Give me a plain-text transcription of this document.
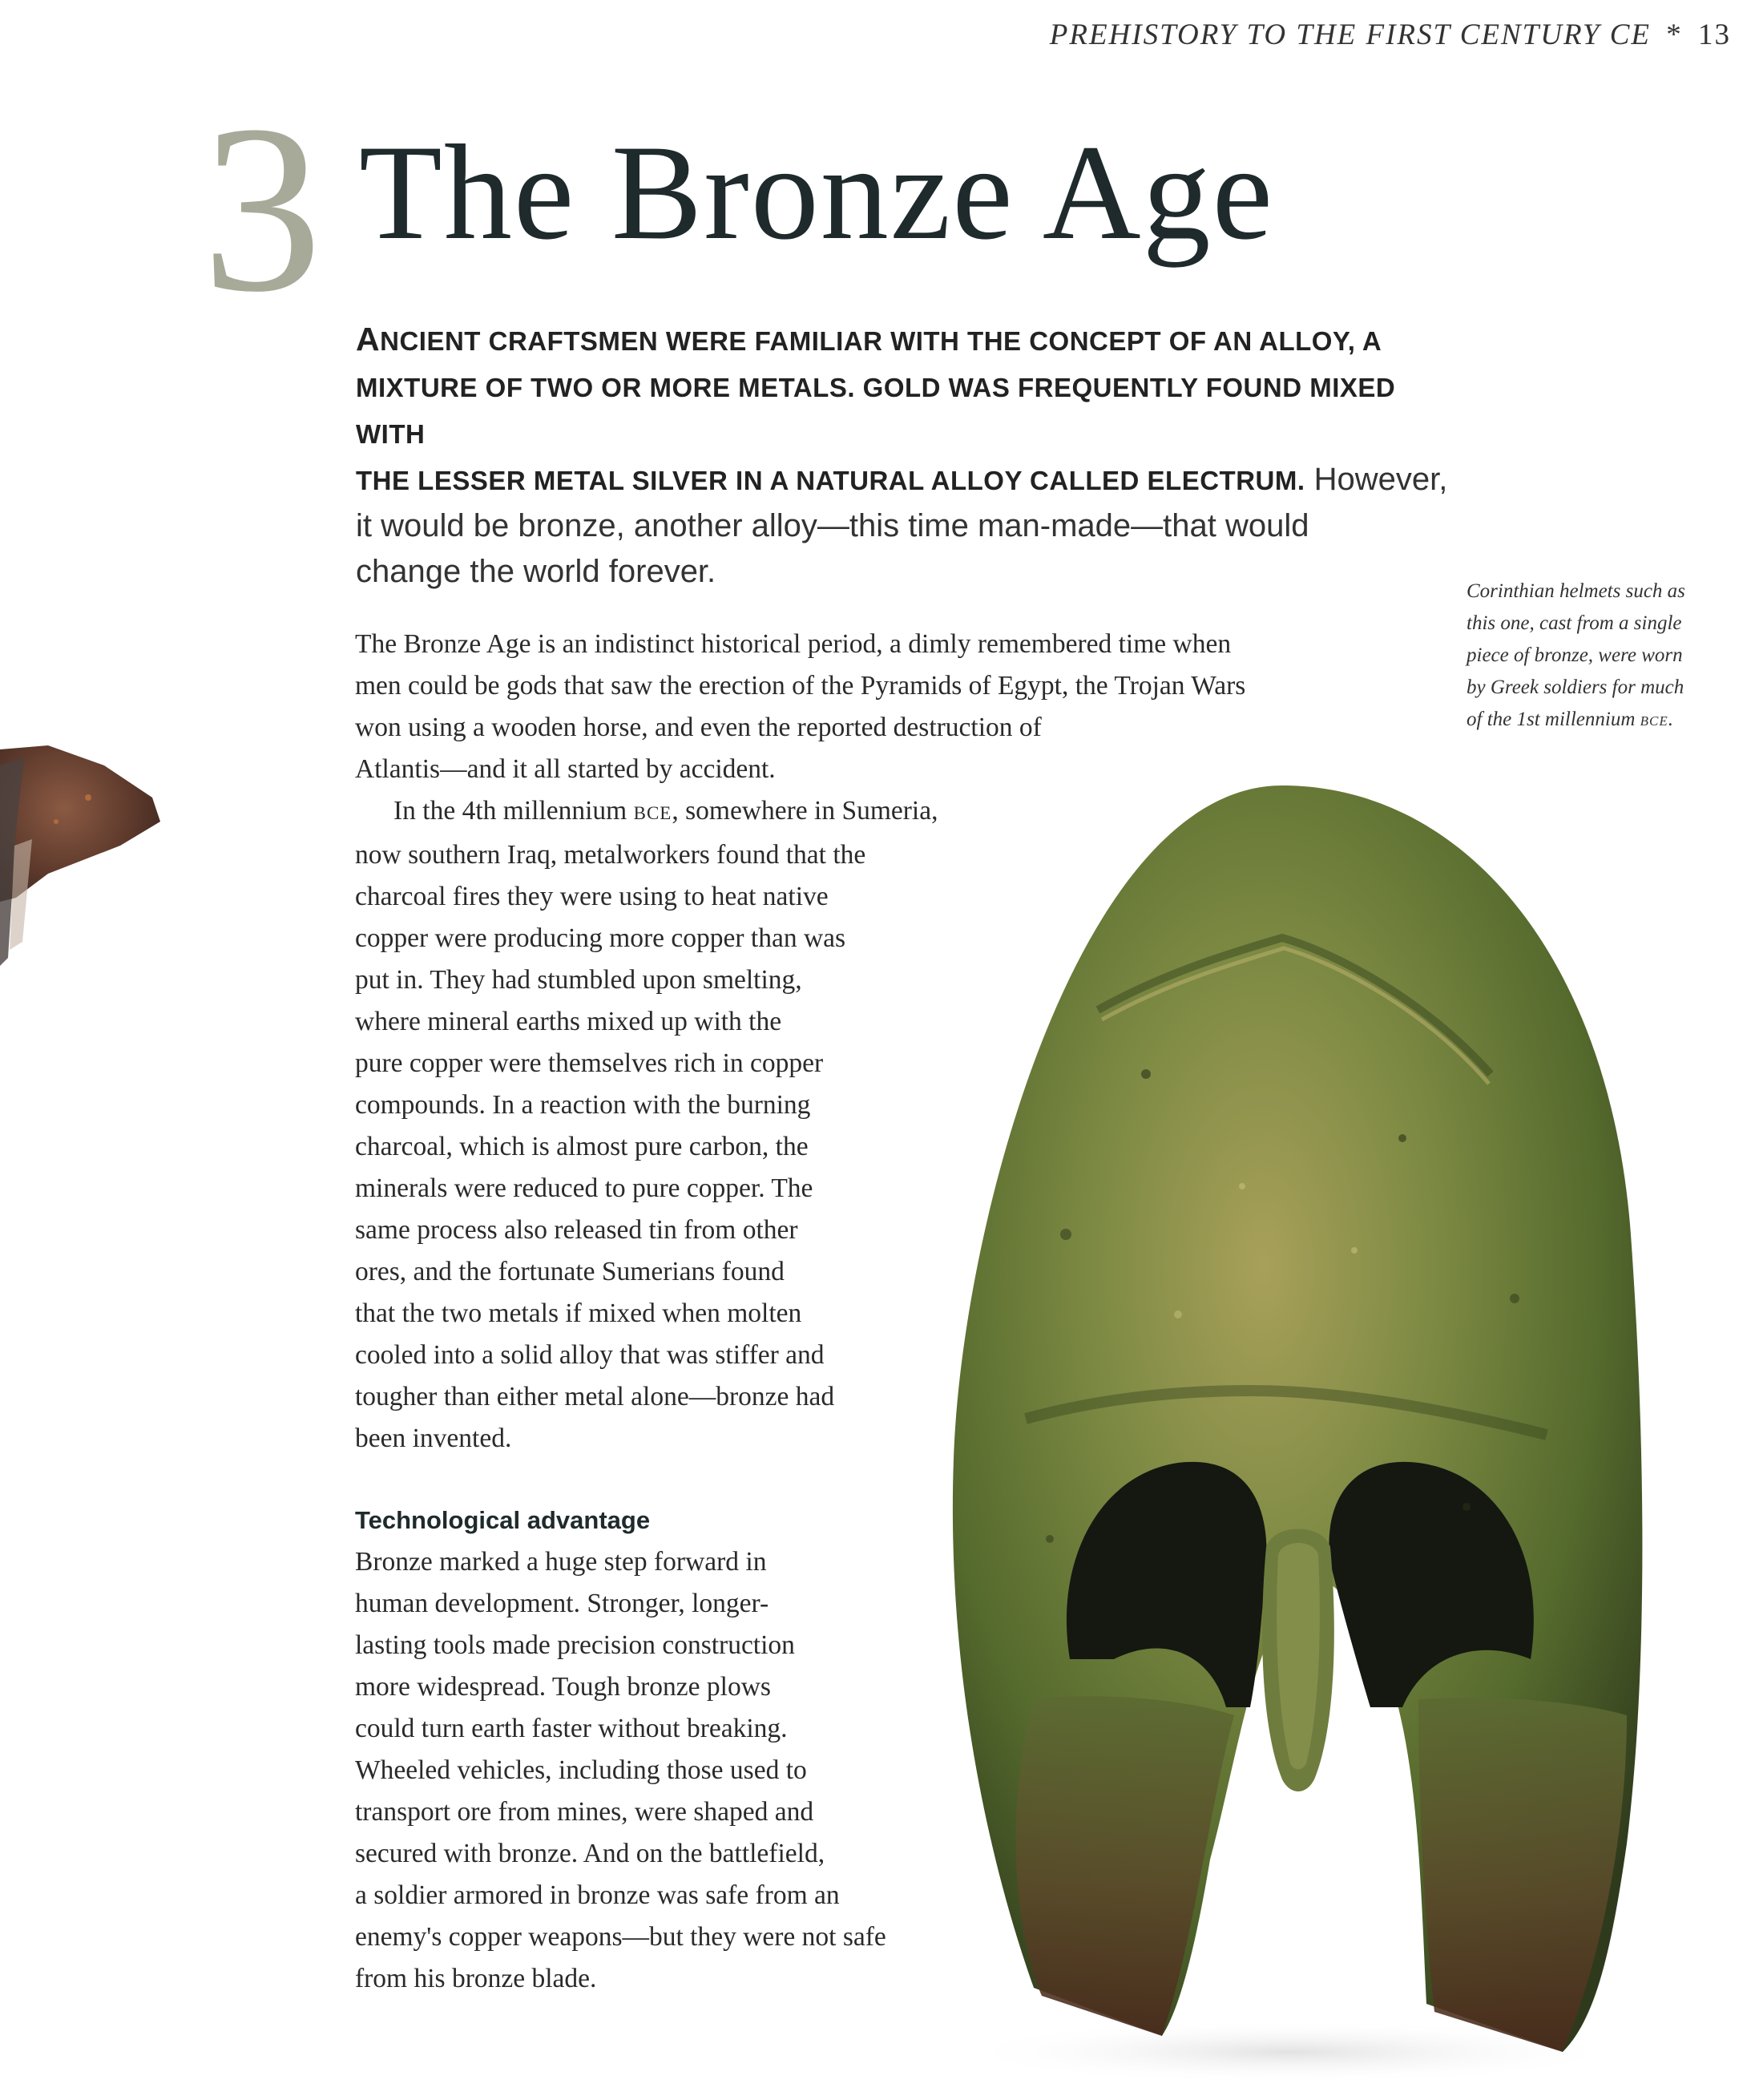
PREHISTORY TO THE FIRST CENTURY CE * 13
3 The Bronze Age
ANCIENT CRAFTSMEN WERE FAMILIAR WITH THE CONCEPT OF AN ALLOY, A
MIXTURE OF TWO OR MORE METALS. GOLD WAS FREQUENTLY FOUND MIXED WITH
THE LESSER METAL SILVER IN A NATURAL ALLOY CALLED ELECTRUM. However,
it would be bronze, another alloy—this time man-made—that would
change the world forever.
Corinthian helmets such as
this one, cast from a single
piece of bronze, were worn
by Greek soldiers for much
of the 1st millennium BCE.
The Bronze Age is an indistinct historical period, a dimly remembered time when
men could be gods that saw the erection of the Pyramids of Egypt, the Trojan Wars
won using a wooden horse, and even the reported destruction of
Atlantis—and it all started by accident.
In the 4th millennium BCE, somewhere in Sumeria,
now southern Iraq, metalworkers found that the
charcoal fires they were using to heat native
copper were producing more copper than was
put in. They had stumbled upon smelting,
where mineral earths mixed up with the
pure copper were themselves rich in copper
compounds. In a reaction with the burning
charcoal, which is almost pure carbon, the
minerals were reduced to pure copper. The
same process also released tin from other
ores, and the fortunate Sumerians found
that the two metals if mixed when molten
cooled into a solid alloy that was stiffer and
tougher than either metal alone—bronze had
been invented.
Technological advantage
Bronze marked a huge step forward in
human development. Stronger, longer-
lasting tools made precision construction
more widespread. Tough bronze plows
could turn earth faster without breaking.
Wheeled vehicles, including those used to
transport ore from mines, were shaped and
secured with bronze. And on the battlefield,
a soldier armored in bronze was safe from an
enemy's copper weapons—but they were not safe
from his bronze blade.
